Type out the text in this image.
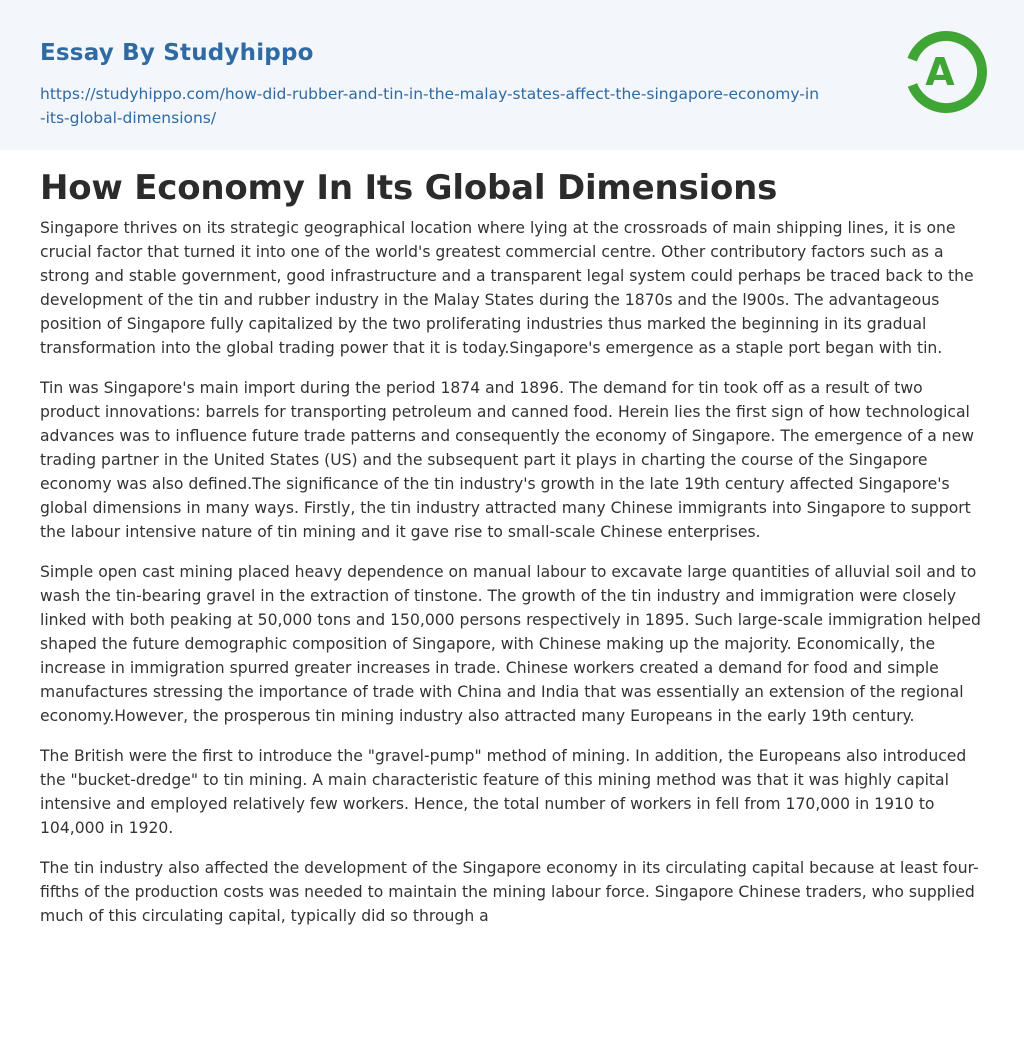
Essay By Studyhippo
https://studyhippo.com/how-did-rubber-and-tin-in-the-malay-states-affect-the-singapore-economy-in-its-global-dimensions/
A
How Economy In Its Global Dimensions

Singapore thrives on its strategic geographical location where lying at the crossroads of main shipping lines, it is one crucial factor that turned it into one of the world's greatest commercial centre. Other contributory factors such as a strong and stable government, good infrastructure and a transparent legal system could perhaps be traced back to the development of the tin and rubber industry in the Malay States during the 1870s and the l900s. The advantageous position of Singapore fully capitalized by the two proliferating industries thus marked the beginning in its gradual transformation into the global trading power that it is today.Singapore's emergence as a staple port began with tin.

Tin was Singapore's main import during the period 1874 and 1896. The demand for tin took off as a result of two product innovations: barrels for transporting petroleum and canned food. Herein lies the first sign of how technological advances was to influence future trade patterns and consequently the economy of Singapore. The emergence of a new trading partner in the United States (US) and the subsequent part it plays in charting the course of the Singapore economy was also defined.The significance of the tin industry's growth in the late 19th century affected Singapore's global dimensions in many ways. Firstly, the tin industry attracted many Chinese immigrants into Singapore to support the labour intensive nature of tin mining and it gave rise to small-scale Chinese enterprises.

Simple open cast mining placed heavy dependence on manual labour to excavate large quantities of alluvial soil and to wash the tin-bearing gravel in the extraction of tinstone. The growth of the tin industry and immigration were closely linked with both peaking at 50,000 tons and 150,000 persons respectively in 1895. Such large-scale immigration helped shaped the future demographic composition of Singapore, with Chinese making up the majority. Economically, the increase in immigration spurred greater increases in trade. Chinese workers created a demand for food and simple manufactures stressing the importance of trade with China and India that was essentially an extension of the regional economy.However, the prosperous tin mining industry also attracted many Europeans in the early 19th century.

The British were the first to introduce the "gravel-pump" method of mining. In addition, the Europeans also introduced the "bucket-dredge" to tin mining. A main characteristic feature of this mining method was that it was highly capital intensive and employed relatively few workers. Hence, the total number of workers in fell from 170,000 in 1910 to 104,000 in 1920.

The tin industry also affected the development of the Singapore economy in its circulating capital because at least four-fifths of the production costs was needed to maintain the mining labour force. Singapore Chinese traders, who supplied much of this circulating capital, typically did so through a
